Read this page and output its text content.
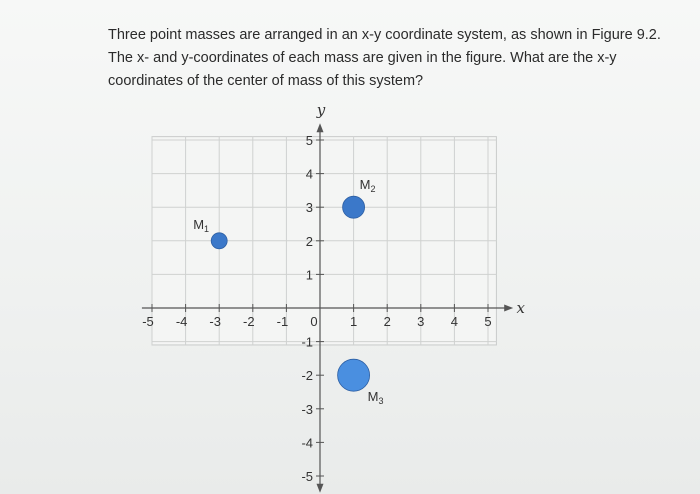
Three point masses are arranged in an x-y coordinate system, as shown in Figure 9.2. The x- and y-coordinates of each mass are given in the figure. What are the x-y coordinates of the center of mass of this system?
x
y
-5 -4 -3 -2 -1 0 1 2 3 4 5
5
4
3
2
1
-1
-2
-3
-4
-5
$M_1$
$M_2$
$M_3$
